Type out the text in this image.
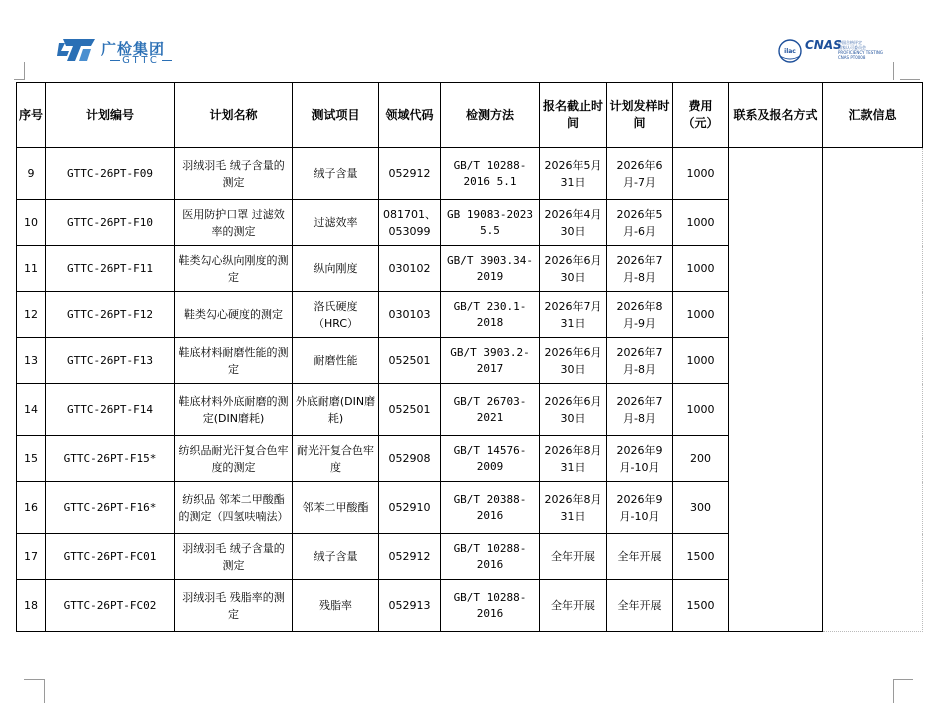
广检集团
GTTC
ilac CNAS
中国合格评定
国家认可委员会
PROFICIENCY TESTING
CNAS PT0008
序号	计划编号	计划名称	测试项目	领域代码	检测方法	报名截止时间	计划发样时间	费用（元）	联系及报名方式	汇款信息
9	GTTC-26PT-F09	羽绒羽毛 绒子含量的测定	绒子含量	052912	GB/T 10288-2016 5.1	2026年5月31日	2026年6月-7月	1000		
10	GTTC-26PT-F10	医用防护口罩 过滤效率的测定	过滤效率	081701、053099	GB 19083-2023 5.5	2026年4月30日	2026年5月-6月	1000		
11	GTTC-26PT-F11	鞋类勾心纵向刚度的测定	纵向刚度	030102	GB/T 3903.34-2019	2026年6月30日	2026年7月-8月	1000		
12	GTTC-26PT-F12	鞋类勾心硬度的测定	洛氏硬度（HRC）	030103	GB/T 230.1-2018	2026年7月31日	2026年8月-9月	1000		
13	GTTC-26PT-F13	鞋底材料耐磨性能的测定	耐磨性能	052501	GB/T 3903.2-2017	2026年6月30日	2026年7月-8月	1000		
14	GTTC-26PT-F14	鞋底材料外底耐磨的测定(DIN磨耗)	外底耐磨(DIN磨耗)	052501	GB/T 26703-2021	2026年6月30日	2026年7月-8月	1000		
15	GTTC-26PT-F15*	纺织品耐光汗复合色牢度的测定	耐光汗复合色牢度	052908	GB/T 14576-2009	2026年8月31日	2026年9月-10月	200		
16	GTTC-26PT-F16*	纺织品 邻苯二甲酸酯的测定（四氢呋喃法）	邻苯二甲酸酯	052910	GB/T 20388-2016	2026年8月31日	2026年9月-10月	300		
17	GTTC-26PT-FC01	羽绒羽毛 绒子含量的测定	绒子含量	052912	GB/T 10288-2016	全年开展	全年开展	1500		
18	GTTC-26PT-FC02	羽绒羽毛 残脂率的测定	残脂率	052913	GB/T 10288-2016	全年开展	全年开展	1500		
